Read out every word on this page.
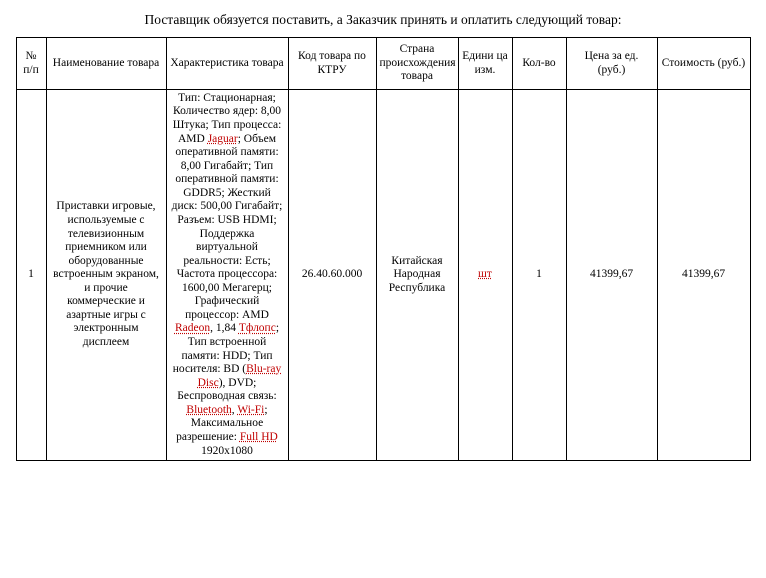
Поставщик обязуется поставить, а Заказчик принять и оплатить следующий товар:
№ п/п	Наименование товара	Характеристика товара	Код товара по КТРУ	Страна происхождения товара	Едини ца изм.	Кол-во	Цена за ед. (руб.)	Стоимость (руб.)
1	Приставки игровые, используемые с телевизионным приемником или оборудованные встроенным экраном, и прочие коммерческие и азартные игры с электронным дисплеем	Тип: Стационарная; Количество ядер: 8,00 Штука; Тип процесса: AMD Jaguar; Объем оперативной памяти: 8,00 Гигабайт; Тип оперативной памяти: GDDR5; Жесткий диск: 500,00 Гигабайт; Разъем: USB HDMI; Поддержка виртуальной реальности: Есть; Частота процессора: 1600,00 Мегагерц; Графический процессор: AMD Radeon, 1,84 Тфлопс; Тип встроенной памяти: HDD; Тип носителя: BD (Blu-ray Disc), DVD; Беспроводная связь: Bluetooth, Wi-Fi; Максимальное разрешение: Full HD 1920x1080	26.40.60.000	Китайская Народная Республика	шт	1	41399,67	41399,67
